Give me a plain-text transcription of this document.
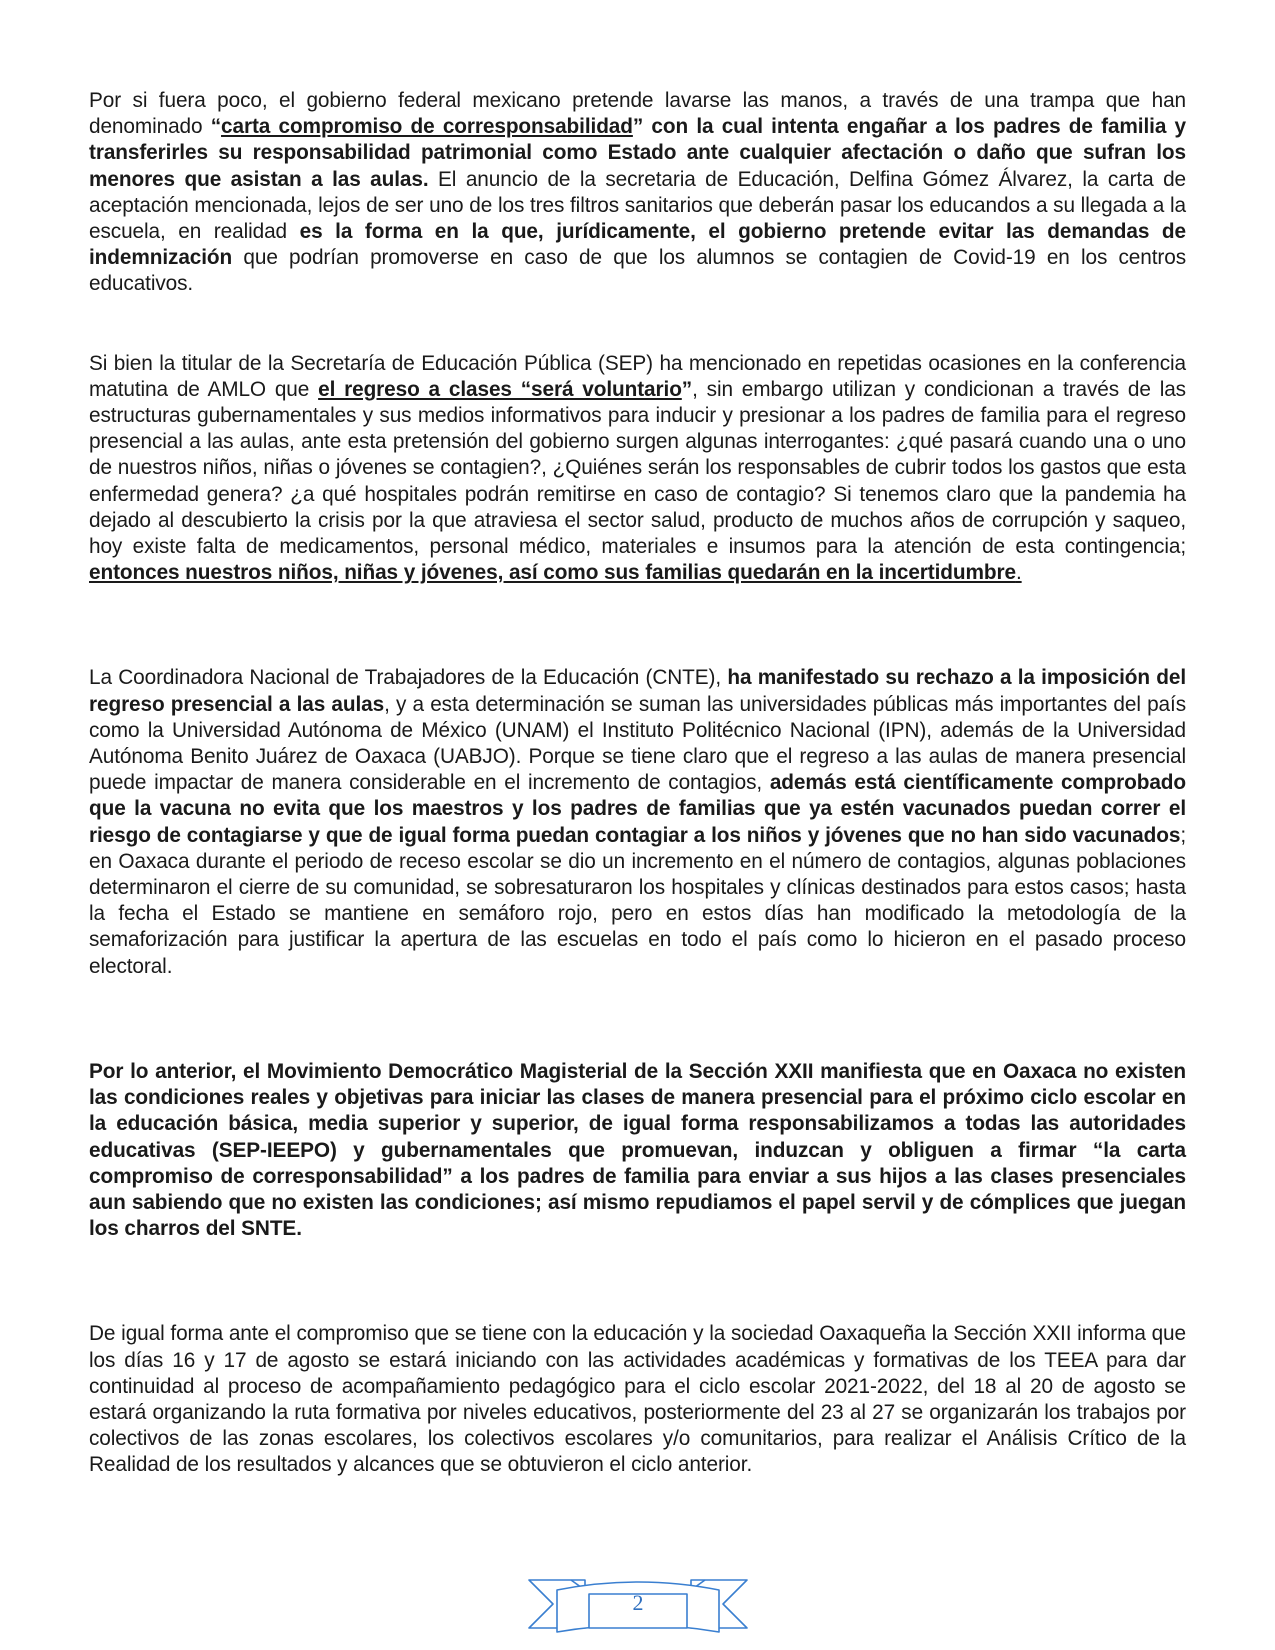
Por si fuera poco, el gobierno federal mexicano pretende lavarse las manos, a través de una trampa que han denominado “carta compromiso de corresponsabilidad” con la cual intenta engañar a los padres de familia y transferirles su responsabilidad patrimonial como Estado ante cualquier afectación o daño que sufran los menores que asistan a las aulas. El anuncio de la secretaria de Educación, Delfina Gómez Álvarez, la carta de aceptación mencionada, lejos de ser uno de los tres filtros sanitarios que deberán pasar los educandos a su llegada a la escuela, en realidad es la forma en la que, jurídicamente, el gobierno pretende evitar las demandas de indemnización que podrían promoverse en caso de que los alumnos se contagien de Covid-19 en los centros educativos.

Si bien la titular de la Secretaría de Educación Pública (SEP) ha mencionado en repetidas ocasiones en la conferencia matutina de AMLO que el regreso a clases “será voluntario”, sin embargo utilizan y condicionan a través de las estructuras gubernamentales y sus medios informativos para inducir y presionar a los padres de familia para el regreso presencial a las aulas, ante esta pretensión del gobierno surgen algunas interrogantes: ¿qué pasará cuando una o uno de nuestros niños, niñas o jóvenes se contagien?, ¿Quiénes serán los responsables de cubrir todos los gastos que esta enfermedad genera? ¿a qué hospitales podrán remitirse en caso de contagio? Si tenemos claro que la pandemia ha dejado al descubierto la crisis por la que atraviesa el sector salud, producto de muchos años de corrupción y saqueo, hoy existe falta de medicamentos, personal médico, materiales e insumos para la atención de esta contingencia; entonces nuestros niños, niñas y jóvenes, así como sus familias quedarán en la incertidumbre.

La Coordinadora Nacional de Trabajadores de la Educación (CNTE), ha manifestado su rechazo a la imposición del regreso presencial a las aulas, y a esta determinación se suman las universidades públicas más importantes del país como la Universidad Autónoma de México (UNAM) el Instituto Politécnico Nacional (IPN), además de la Universidad Autónoma Benito Juárez de Oaxaca (UABJO). Porque se tiene claro que el regreso a las aulas de manera presencial puede impactar de manera considerable en el incremento de contagios, además está científicamente comprobado que la vacuna no evita que los maestros y los padres de familias que ya estén vacunados puedan correr el riesgo de contagiarse y que de igual forma puedan contagiar a los niños y jóvenes que no han sido vacunados; en Oaxaca durante el periodo de receso escolar se dio un incremento en el número de contagios, algunas poblaciones determinaron el cierre de su comunidad, se sobresaturaron los hospitales y clínicas destinados para estos casos; hasta la fecha el Estado se mantiene en semáforo rojo, pero en estos días han modificado la metodología de la semaforización para justificar la apertura de las escuelas en todo el país como lo hicieron en el pasado proceso electoral.

Por lo anterior, el Movimiento Democrático Magisterial de la Sección XXII manifiesta que en Oaxaca no existen las condiciones reales y objetivas para iniciar las clases de manera presencial para el próximo ciclo escolar en la educación básica, media superior y superior, de igual forma responsabilizamos a todas las autoridades educativas (SEP-IEEPO) y gubernamentales que promuevan, induzcan y obliguen a firmar “la carta compromiso de corresponsabilidad” a los padres de familia para enviar a sus hijos a las clases presenciales aun sabiendo que no existen las condiciones; así mismo repudiamos el papel servil y de cómplices que juegan los charros del SNTE.

De igual forma ante el compromiso que se tiene con la educación y la sociedad Oaxaqueña la Sección XXII informa que los días 16 y 17 de agosto se estará iniciando con las actividades académicas y formativas de los TEEA para dar continuidad al proceso de acompañamiento pedagógico para el ciclo escolar 2021-2022, del 18 al 20 de agosto se estará organizando la ruta formativa por niveles educativos, posteriormente del 23 al 27 se organizarán los trabajos por colectivos de las zonas escolares, los colectivos escolares y/o comunitarios, para realizar el Análisis Crítico de la Realidad de los resultados y alcances que se obtuvieron el ciclo anterior.

2
